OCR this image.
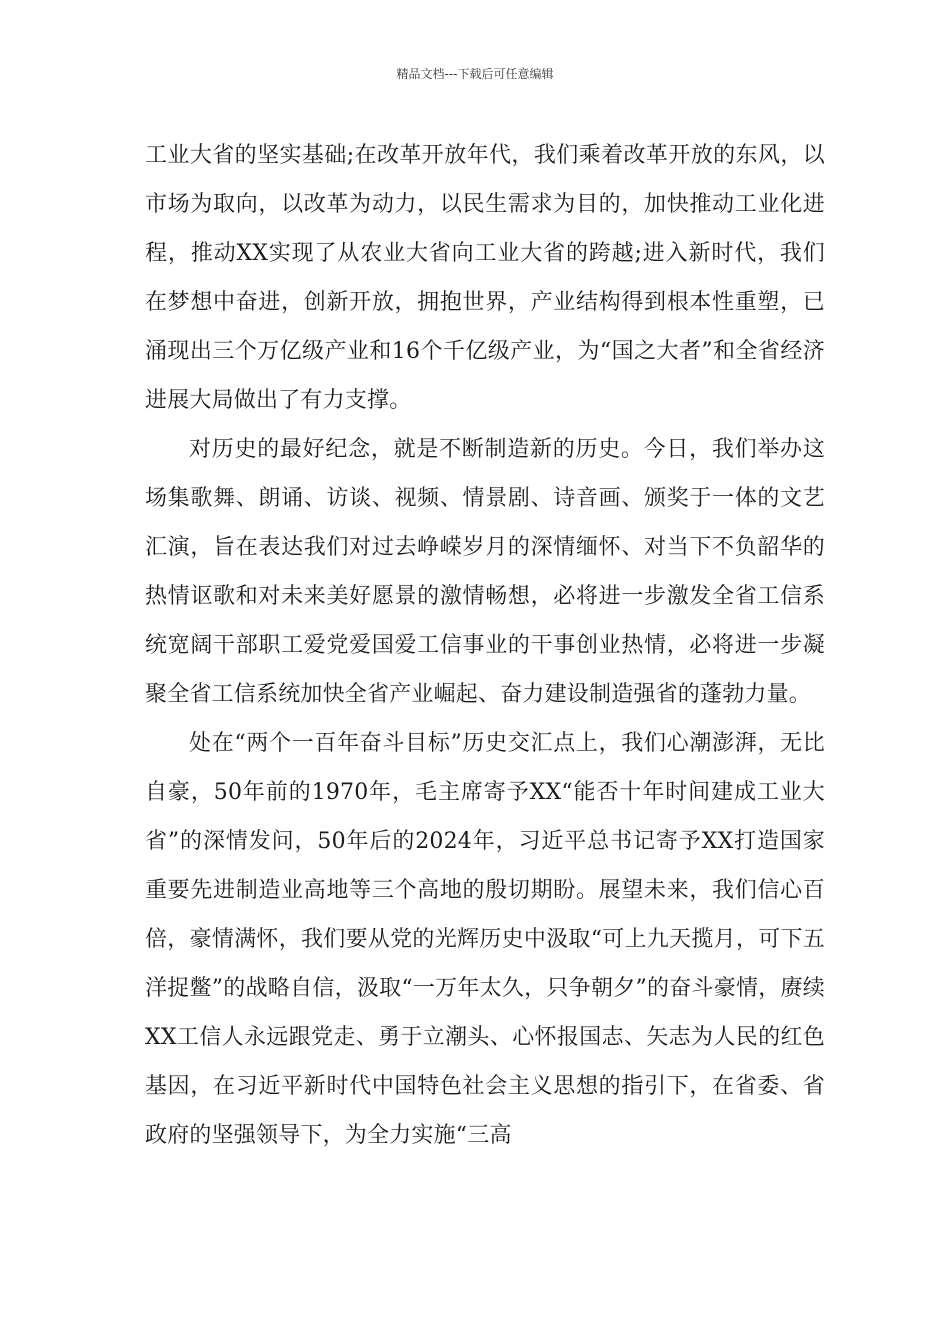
精品文档---下载后可任意编辑

工业大省的坚实基础;在改革开放年代，我们乘着改革开放的东风，以市场为取向，以改革为动力，以民生需求为目的，加快推动工业化进程，推动XX实现了从农业大省向工业大省的跨越;进入新时代，我们在梦想中奋进，创新开放，拥抱世界，产业结构得到根本性重塑，已涌现出三个万亿级产业和16个千亿级产业，为“国之大者”和全省经济进展大局做出了有力支撑。

对历史的最好纪念，就是不断制造新的历史。今日，我们举办这场集歌舞、朗诵、访谈、视频、情景剧、诗音画、颁奖于一体的文艺汇演，旨在表达我们对过去峥嵘岁月的深情缅怀、对当下不负韶华的热情讴歌和对未来美好愿景的激情畅想，必将进一步激发全省工信系统宽阔干部职工爱党爱国爱工信事业的干事创业热情，必将进一步凝聚全省工信系统加快全省产业崛起、奋力建设制造强省的蓬勃力量。

处在“两个一百年奋斗目标”历史交汇点上，我们心潮澎湃，无比自豪，50年前的1970年，毛主席寄予XX“能否十年时间建成工业大省”的深情发问，50年后的2024年，习近平总书记寄予XX打造国家重要先进制造业高地等三个高地的殷切期盼。展望未来，我们信心百倍，豪情满怀，我们要从党的光辉历史中汲取“可上九天揽月，可下五洋捉鳖”的战略自信，汲取“一万年太久，只争朝夕”的奋斗豪情，赓续XX工信人永远跟党走、勇于立潮头、心怀报国志、矢志为人民的红色基因，在习近平新时代中国特色社会主义思想的指引下，在省委、省政府的坚强领导下，为全力实施“三高
